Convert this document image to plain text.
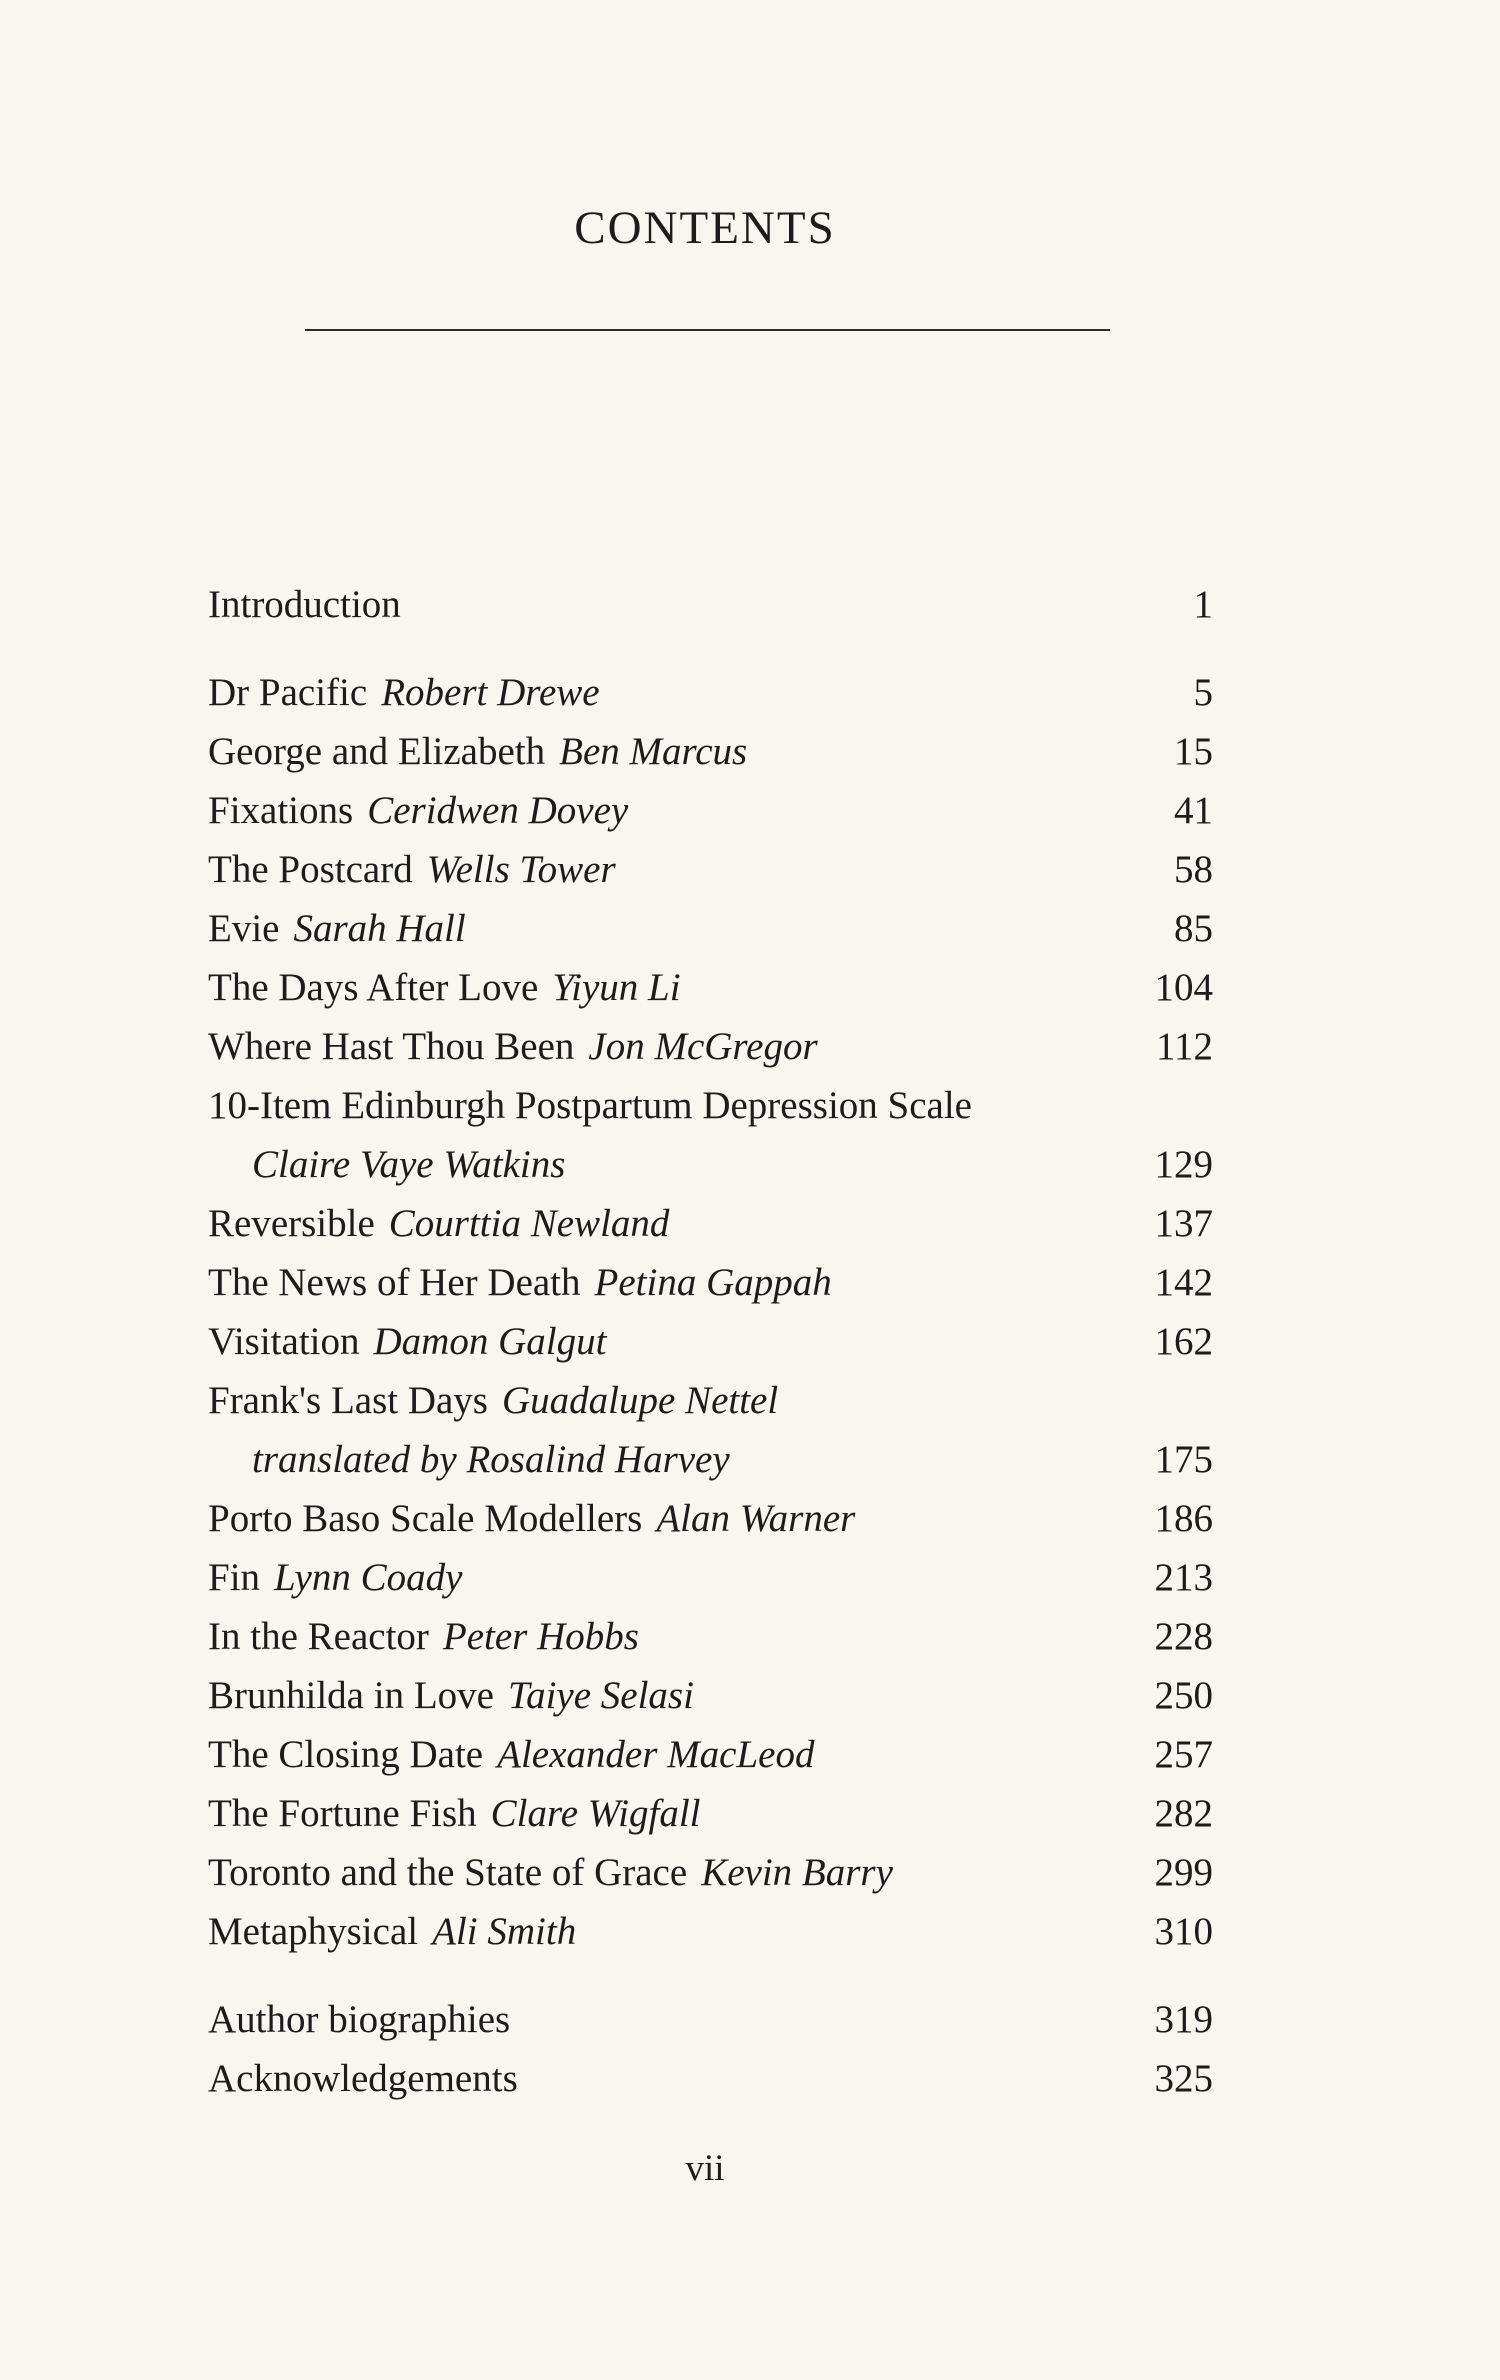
CONTENTS
Introduction	1
Dr Pacific Robert Drewe	5
George and Elizabeth Ben Marcus	15
Fixations Ceridwen Dovey	41
The Postcard Wells Tower	58
Evie Sarah Hall	85
The Days After Love Yiyun Li	104
Where Hast Thou Been Jon McGregor	112
10-Item Edinburgh Postpartum Depression Scale
Claire Vaye Watkins	129
Reversible Courttia Newland	137
The News of Her Death Petina Gappah	142
Visitation Damon Galgut	162
Frank's Last Days Guadalupe Nettel
translated by Rosalind Harvey	175
Porto Baso Scale Modellers Alan Warner	186
Fin Lynn Coady	213
In the Reactor Peter Hobbs	228
Brunhilda in Love Taiye Selasi	250
The Closing Date Alexander MacLeod	257
The Fortune Fish Clare Wigfall	282
Toronto and the State of Grace Kevin Barry	299
Metaphysical Ali Smith	310
Author biographies	319
Acknowledgements	325
vii
